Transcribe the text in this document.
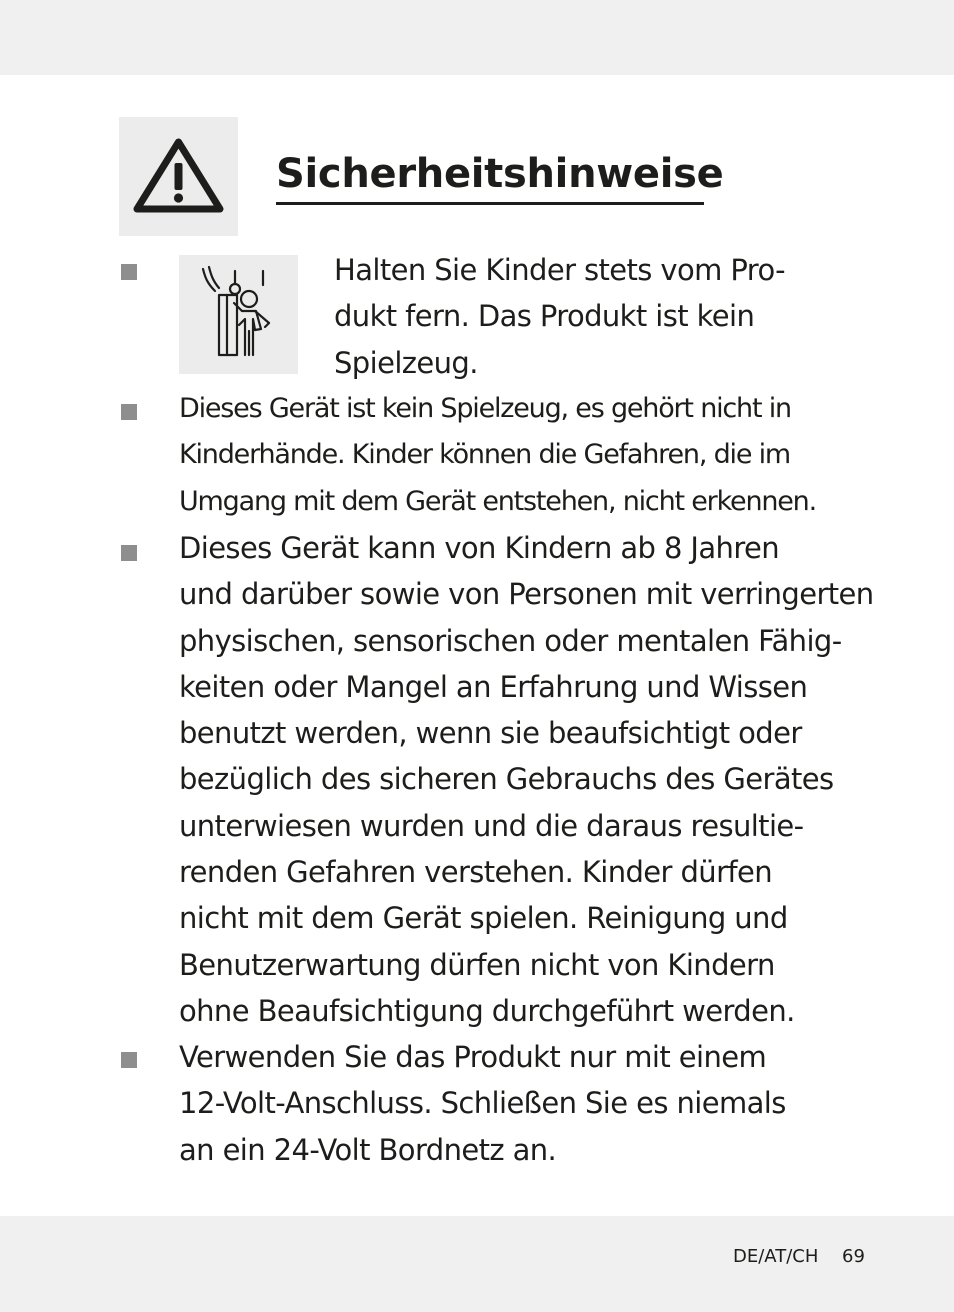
Sicherheitshinweise

Halten Sie Kinder stets vom Pro-
dukt fern. Das Produkt ist kein
Spielzeug.

Dieses Gerät ist kein Spielzeug, es gehört nicht in
Kinderhände. Kinder können die Gefahren, die im
Umgang mit dem Gerät entstehen, nicht erkennen.

Dieses Gerät kann von Kindern ab 8 Jahren
und darüber sowie von Personen mit verringerten
physischen, sensorischen oder mentalen Fähig-
keiten oder Mangel an Erfahrung und Wissen
benutzt werden, wenn sie beaufsichtigt oder
bezüglich des sicheren Gebrauchs des Gerätes
unterwiesen wurden und die daraus resultie-
renden Gefahren verstehen. Kinder dürfen
nicht mit dem Gerät spielen. Reinigung und
Benutzerwartung dürfen nicht von Kindern
ohne Beaufsichtigung durchgeführt werden.

Verwenden Sie das Produkt nur mit einem
12-Volt-Anschluss. Schließen Sie es niemals
an ein 24-Volt Bordnetz an.

DE/AT/CH 69
